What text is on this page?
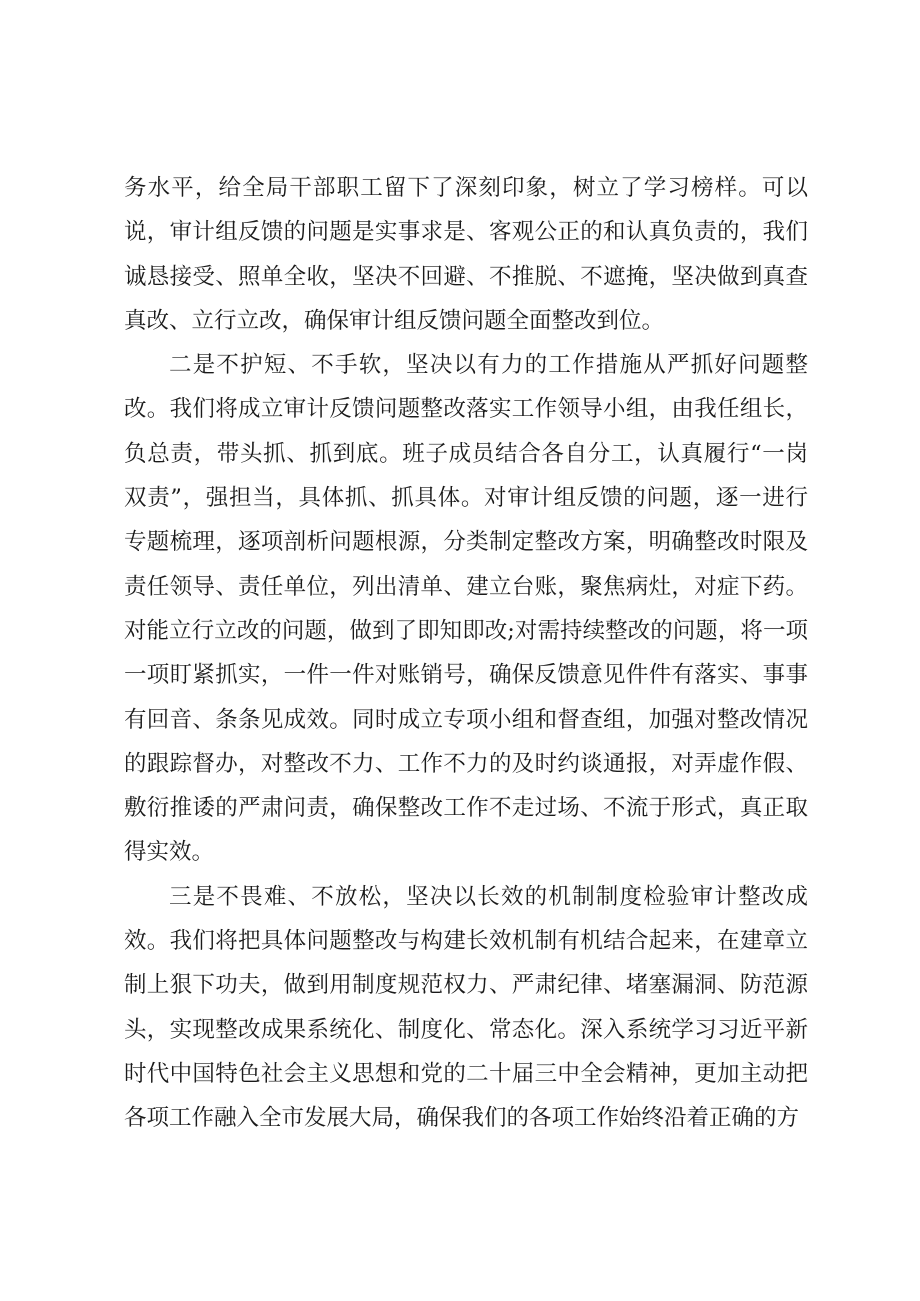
务水平，给全局干部职工留下了深刻印象，树立了学习榜样。可以说，审计组反馈的问题是实事求是、客观公正的和认真负责的，我们诚恳接受、照单全收，坚决不回避、不推脱、不遮掩，坚决做到真查真改、立行立改，确保审计组反馈问题全面整改到位。

二是不护短、不手软，坚决以有力的工作措施从严抓好问题整改。我们将成立审计反馈问题整改落实工作领导小组，由我任组长，负总责，带头抓、抓到底。班子成员结合各自分工，认真履行“一岗双责”，强担当，具体抓、抓具体。对审计组反馈的问题，逐一进行专题梳理，逐项剖析问题根源，分类制定整改方案，明确整改时限及责任领导、责任单位，列出清单、建立台账，聚焦病灶，对症下药。对能立行立改的问题，做到了即知即改;对需持续整改的问题，将一项一项盯紧抓实，一件一件对账销号，确保反馈意见件件有落实、事事有回音、条条见成效。同时成立专项小组和督查组，加强对整改情况的跟踪督办，对整改不力、工作不力的及时约谈通报，对弄虚作假、敷衍推诿的严肃问责，确保整改工作不走过场、不流于形式，真正取得实效。

三是不畏难、不放松，坚决以长效的机制制度检验审计整改成效。我们将把具体问题整改与构建长效机制有机结合起来，在建章立制上狠下功夫，做到用制度规范权力、严肃纪律、堵塞漏洞、防范源头，实现整改成果系统化、制度化、常态化。深入系统学习习近平新时代中国特色社会主义思想和党的二十届三中全会精神，更加主动把各项工作融入全市发展大局，确保我们的各项工作始终沿着正确的方
